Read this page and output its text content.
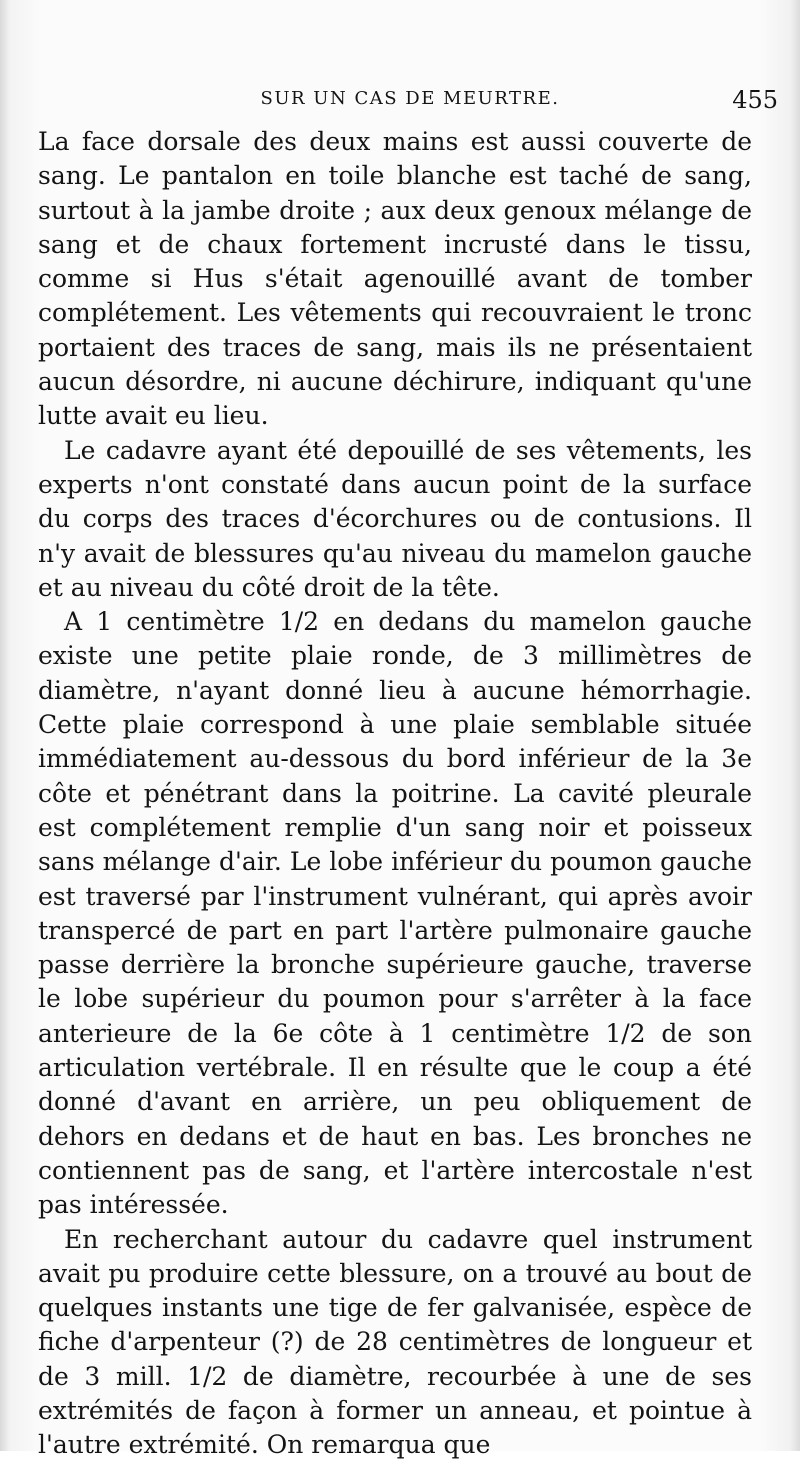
SUR UN CAS DE MEURTRE.	455

La face dorsale des deux mains est aussi couverte de sang. Le pantalon en toile blanche est taché de sang, surtout à la jambe droite ; aux deux genoux mélange de sang et de chaux fortement incrusté dans le tissu, comme si Hus s'était agenouillé avant de tomber complétement. Les vêtements qui recouvraient le tronc portaient des traces de sang, mais ils ne présentaient aucun désordre, ni aucune déchirure, indiquant qu'une lutte avait eu lieu.

Le cadavre ayant été depouillé de ses vêtements, les experts n'ont constaté dans aucun point de la surface du corps des traces d'écorchures ou de contusions. Il n'y avait de blessures qu'au niveau du mamelon gauche et au niveau du côté droit de la tête.

A 1 centimètre 1/2 en dedans du mamelon gauche existe une petite plaie ronde, de 3 millimètres de diamètre, n'ayant donné lieu à aucune hémorrhagie. Cette plaie correspond à une plaie semblable située immédiatement au-dessous du bord inférieur de la 3e côte et pénétrant dans la poitrine. La cavité pleurale est complétement remplie d'un sang noir et poisseux sans mélange d'air. Le lobe inférieur du poumon gauche est traversé par l'instrument vulnérant, qui après avoir transpercé de part en part l'artère pulmonaire gauche passe derrière la bronche supérieure gauche, traverse le lobe supérieur du poumon pour s'arrêter à la face anterieure de la 6e côte à 1 centimètre 1/2 de son articulation vertébrale. Il en résulte que le coup a été donné d'avant en arrière, un peu obliquement de dehors en dedans et de haut en bas. Les bronches ne contiennent pas de sang, et l'artère intercostale n'est pas intéressée.

En recherchant autour du cadavre quel instrument avait pu produire cette blessure, on a trouvé au bout de quelques instants une tige de fer galvanisée, espèce de fiche d'arpenteur (?) de 28 centimètres de longueur et de 3 mill. 1/2 de diamètre, recourbée à une de ses extrémités de façon à former un anneau, et pointue à l'autre extrémité. On remarqua que
